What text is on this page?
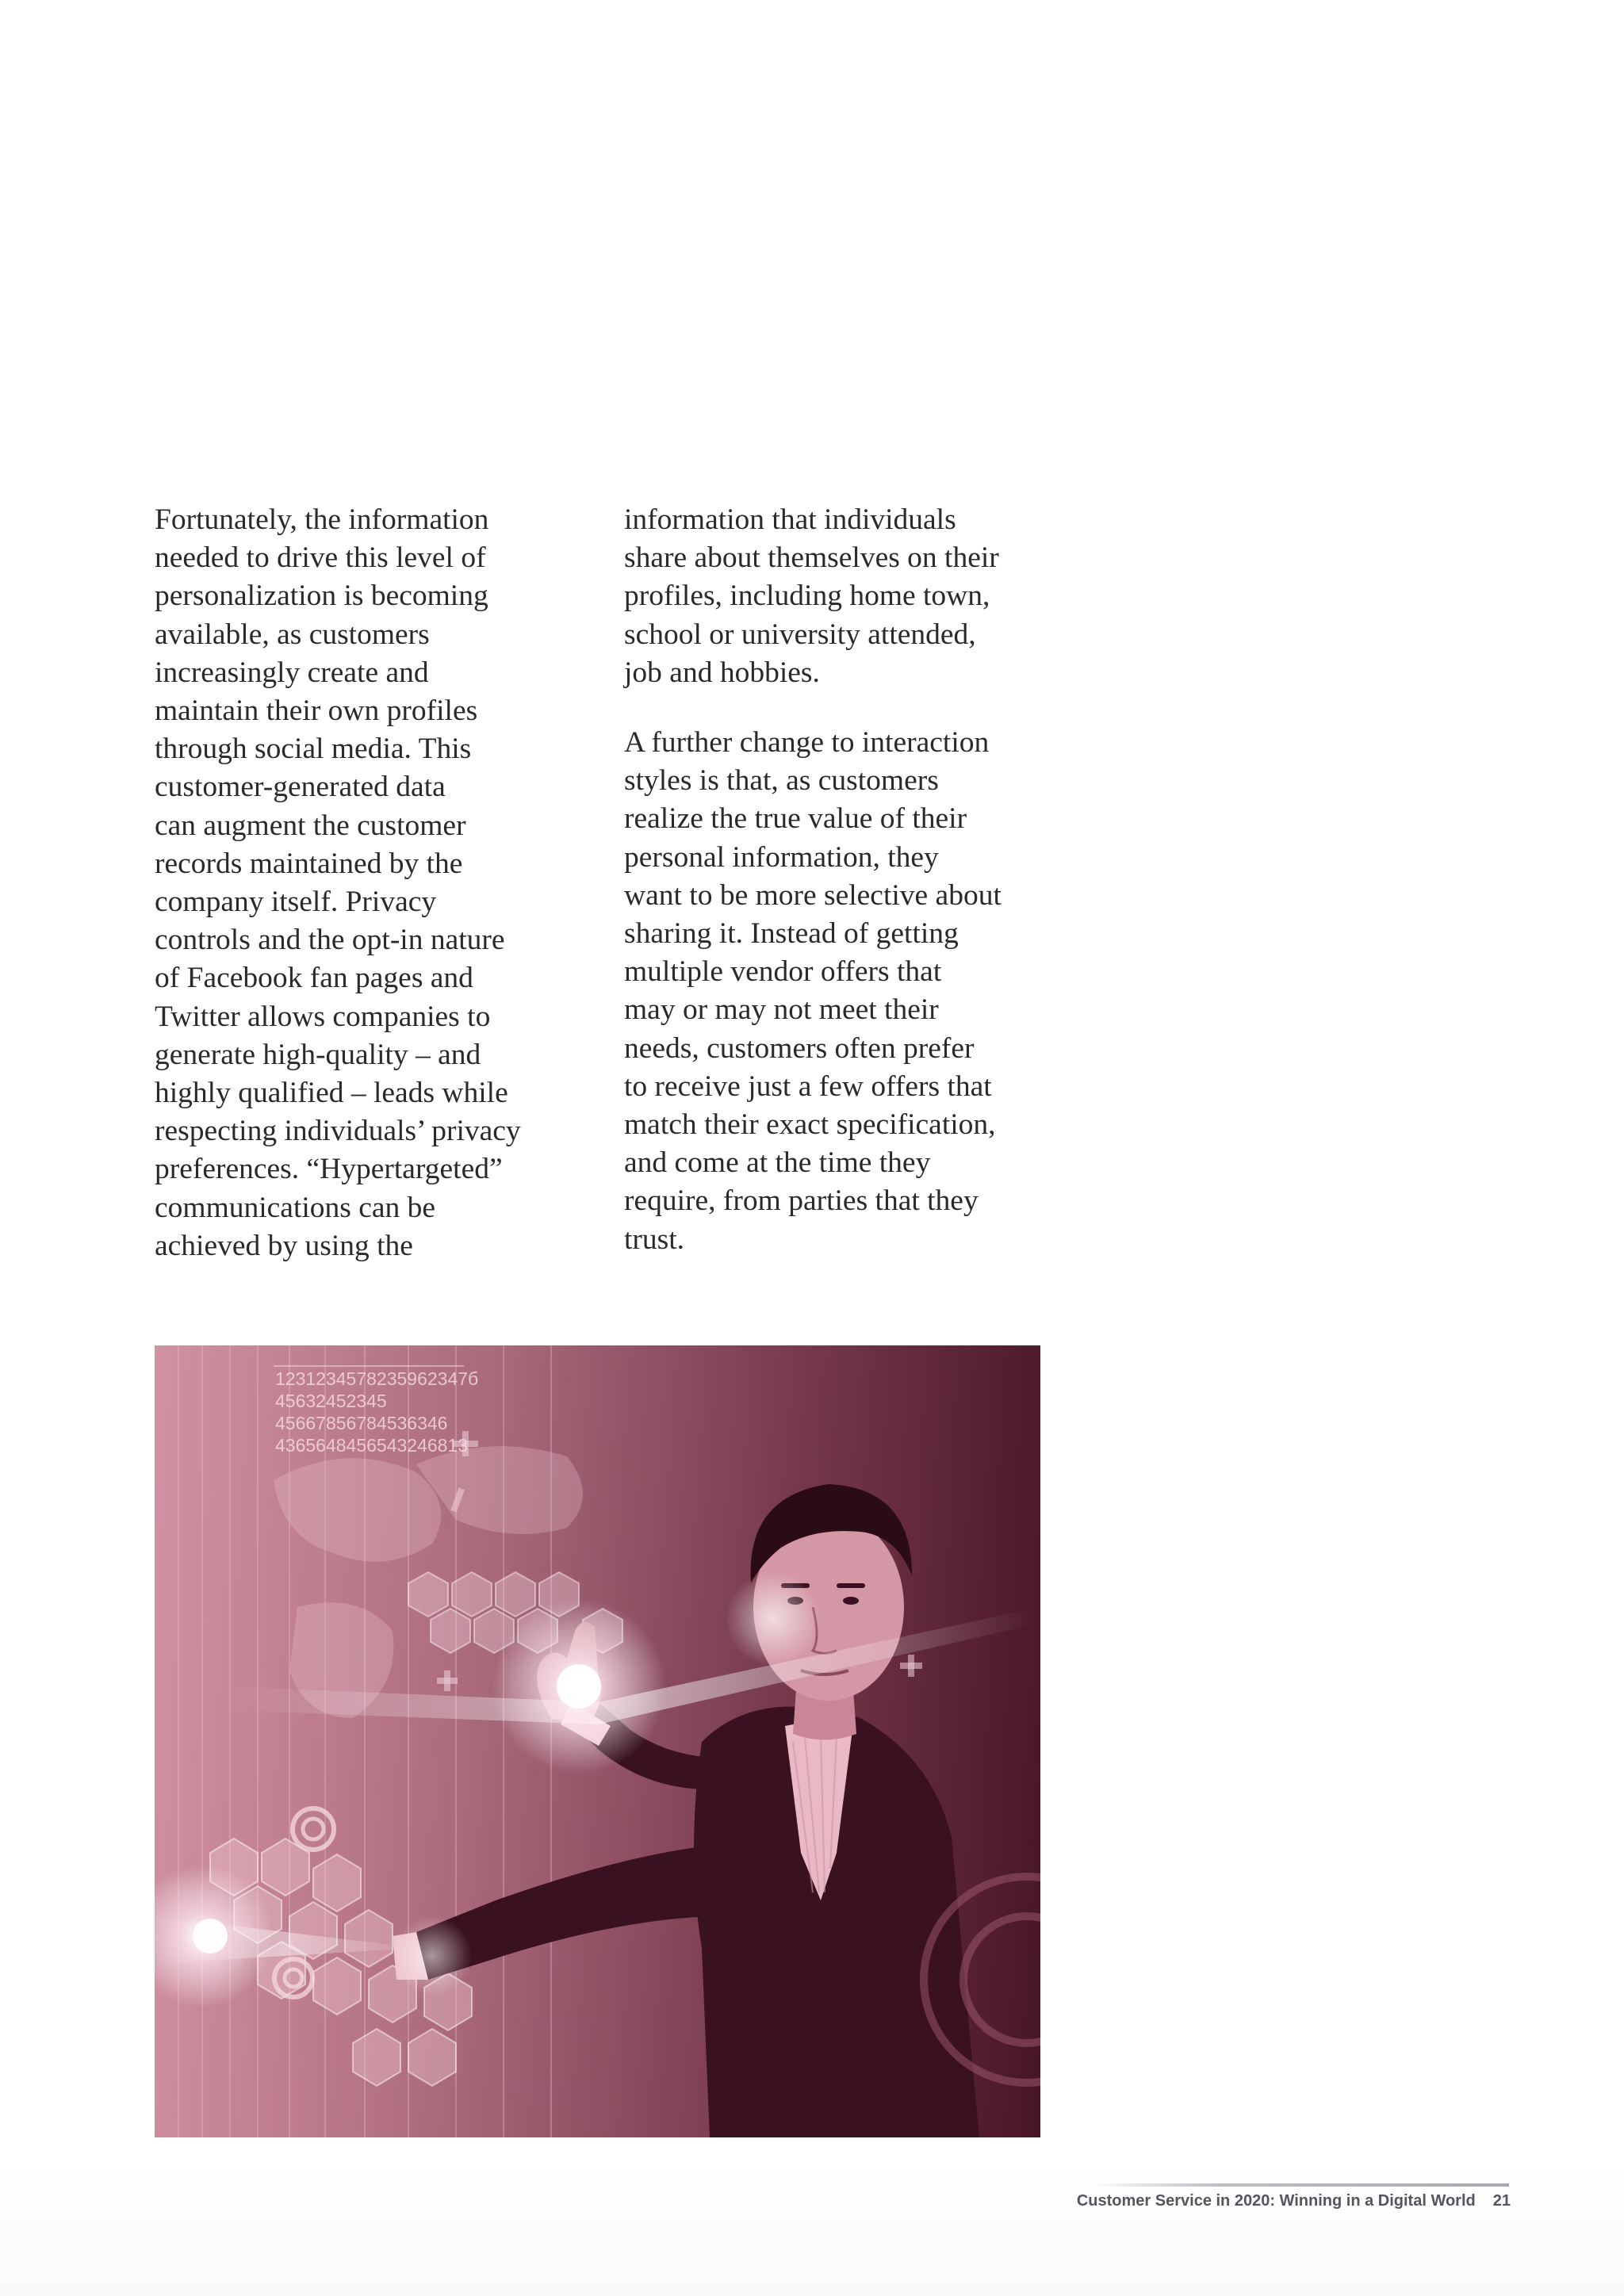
Fortunately, the information
needed to drive this level of
personalization is becoming
available, as customers
increasingly create and
maintain their own profiles
through social media. This
customer-generated data
can augment the customer
records maintained by the
company itself. Privacy
controls and the opt-in nature
of Facebook fan pages and
Twitter allows companies to
generate high-quality – and
highly qualified – leads while
respecting individuals’ privacy
preferences. “Hypertargeted”
communications can be
achieved by using the

information that individuals
share about themselves on their
profiles, including home town,
school or university attended,
job and hobbies.

A further change to interaction
styles is that, as customers
realize the true value of their
personal information, they
want to be more selective about
sharing it. Instead of getting
multiple vendor offers that
may or may not meet their
needs, customers often prefer
to receive just a few offers that
match their exact specification,
and come at the time they
require, from parties that they
trust.

1231234578235962347б
45632452345
45667856784536346
4365648456543246813
Customer Service in 2020: Winning in a Digital World 21
